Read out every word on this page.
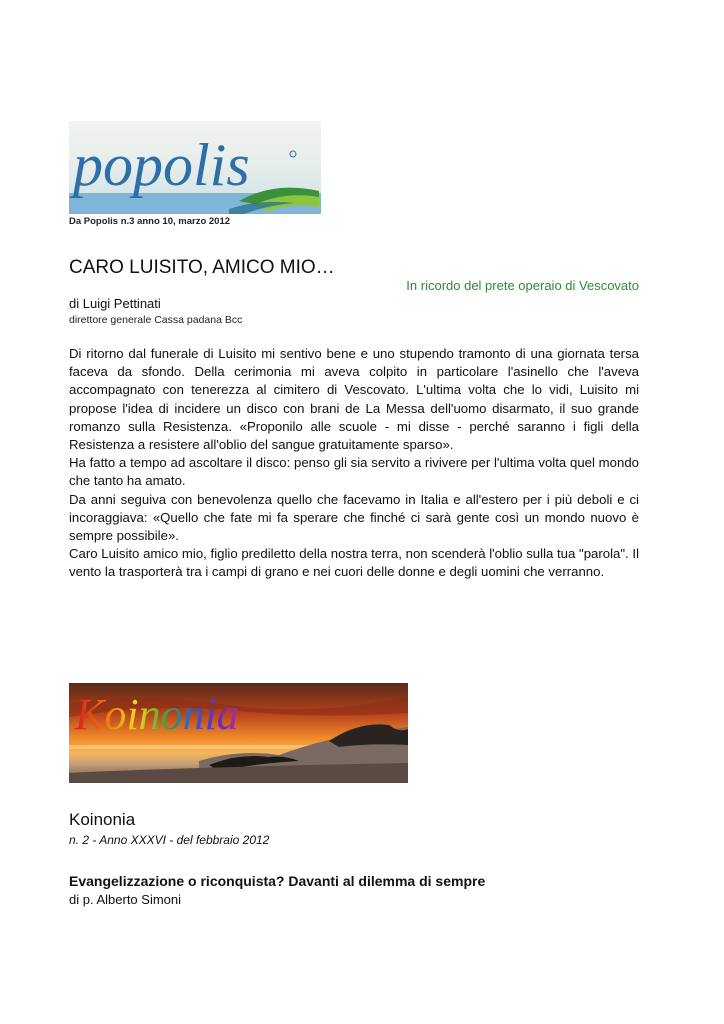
popolis
Da Popolis n.3 anno 10, marzo 2012
CARO LUISITO, AMICO MIO…
In ricordo del prete operaio di Vescovato
di Luigi Pettinati
direttore generale Cassa padana Bcc

Di ritorno dal funerale di Luisito mi sentivo bene e uno stupendo tramonto di una giornata tersa faceva da sfondo. Della cerimonia mi aveva colpito in particolare l'asinello che l'aveva accompagnato con tenerezza al cimitero di Vescovato. L'ultima volta che lo vidi, Luisito mi propose l'idea di incidere un disco con brani de La Messa dell'uomo disarmato, il suo grande romanzo sulla Resistenza. «Proponilo alle scuole - mi disse - perché saranno i figli della Resistenza a resistere all'oblio del sangue gratuitamente sparso».

Ha fatto a tempo ad ascoltare il disco: penso gli sia servito a rivivere per l'ultima volta quel mondo che tanto ha amato.

Da anni seguiva con benevolenza quello che facevamo in Italia e all'estero per i più deboli e ci incoraggiava: «Quello che fate mi fa sperare che finché ci sarà gente così un mondo nuovo è sempre possibile».

Caro Luisito amico mio, figlio prediletto della nostra terra, non scenderà l'oblio sulla tua "parola". Il vento la trasporterà tra i campi di grano e nei cuori delle donne e degli uomini che verranno.

Koinonia
Koinonia
n. 2 - Anno XXXVI - del febbraio 2012
Evangelizzazione o riconquista? Davanti al dilemma di sempre
di p. Alberto Simoni
